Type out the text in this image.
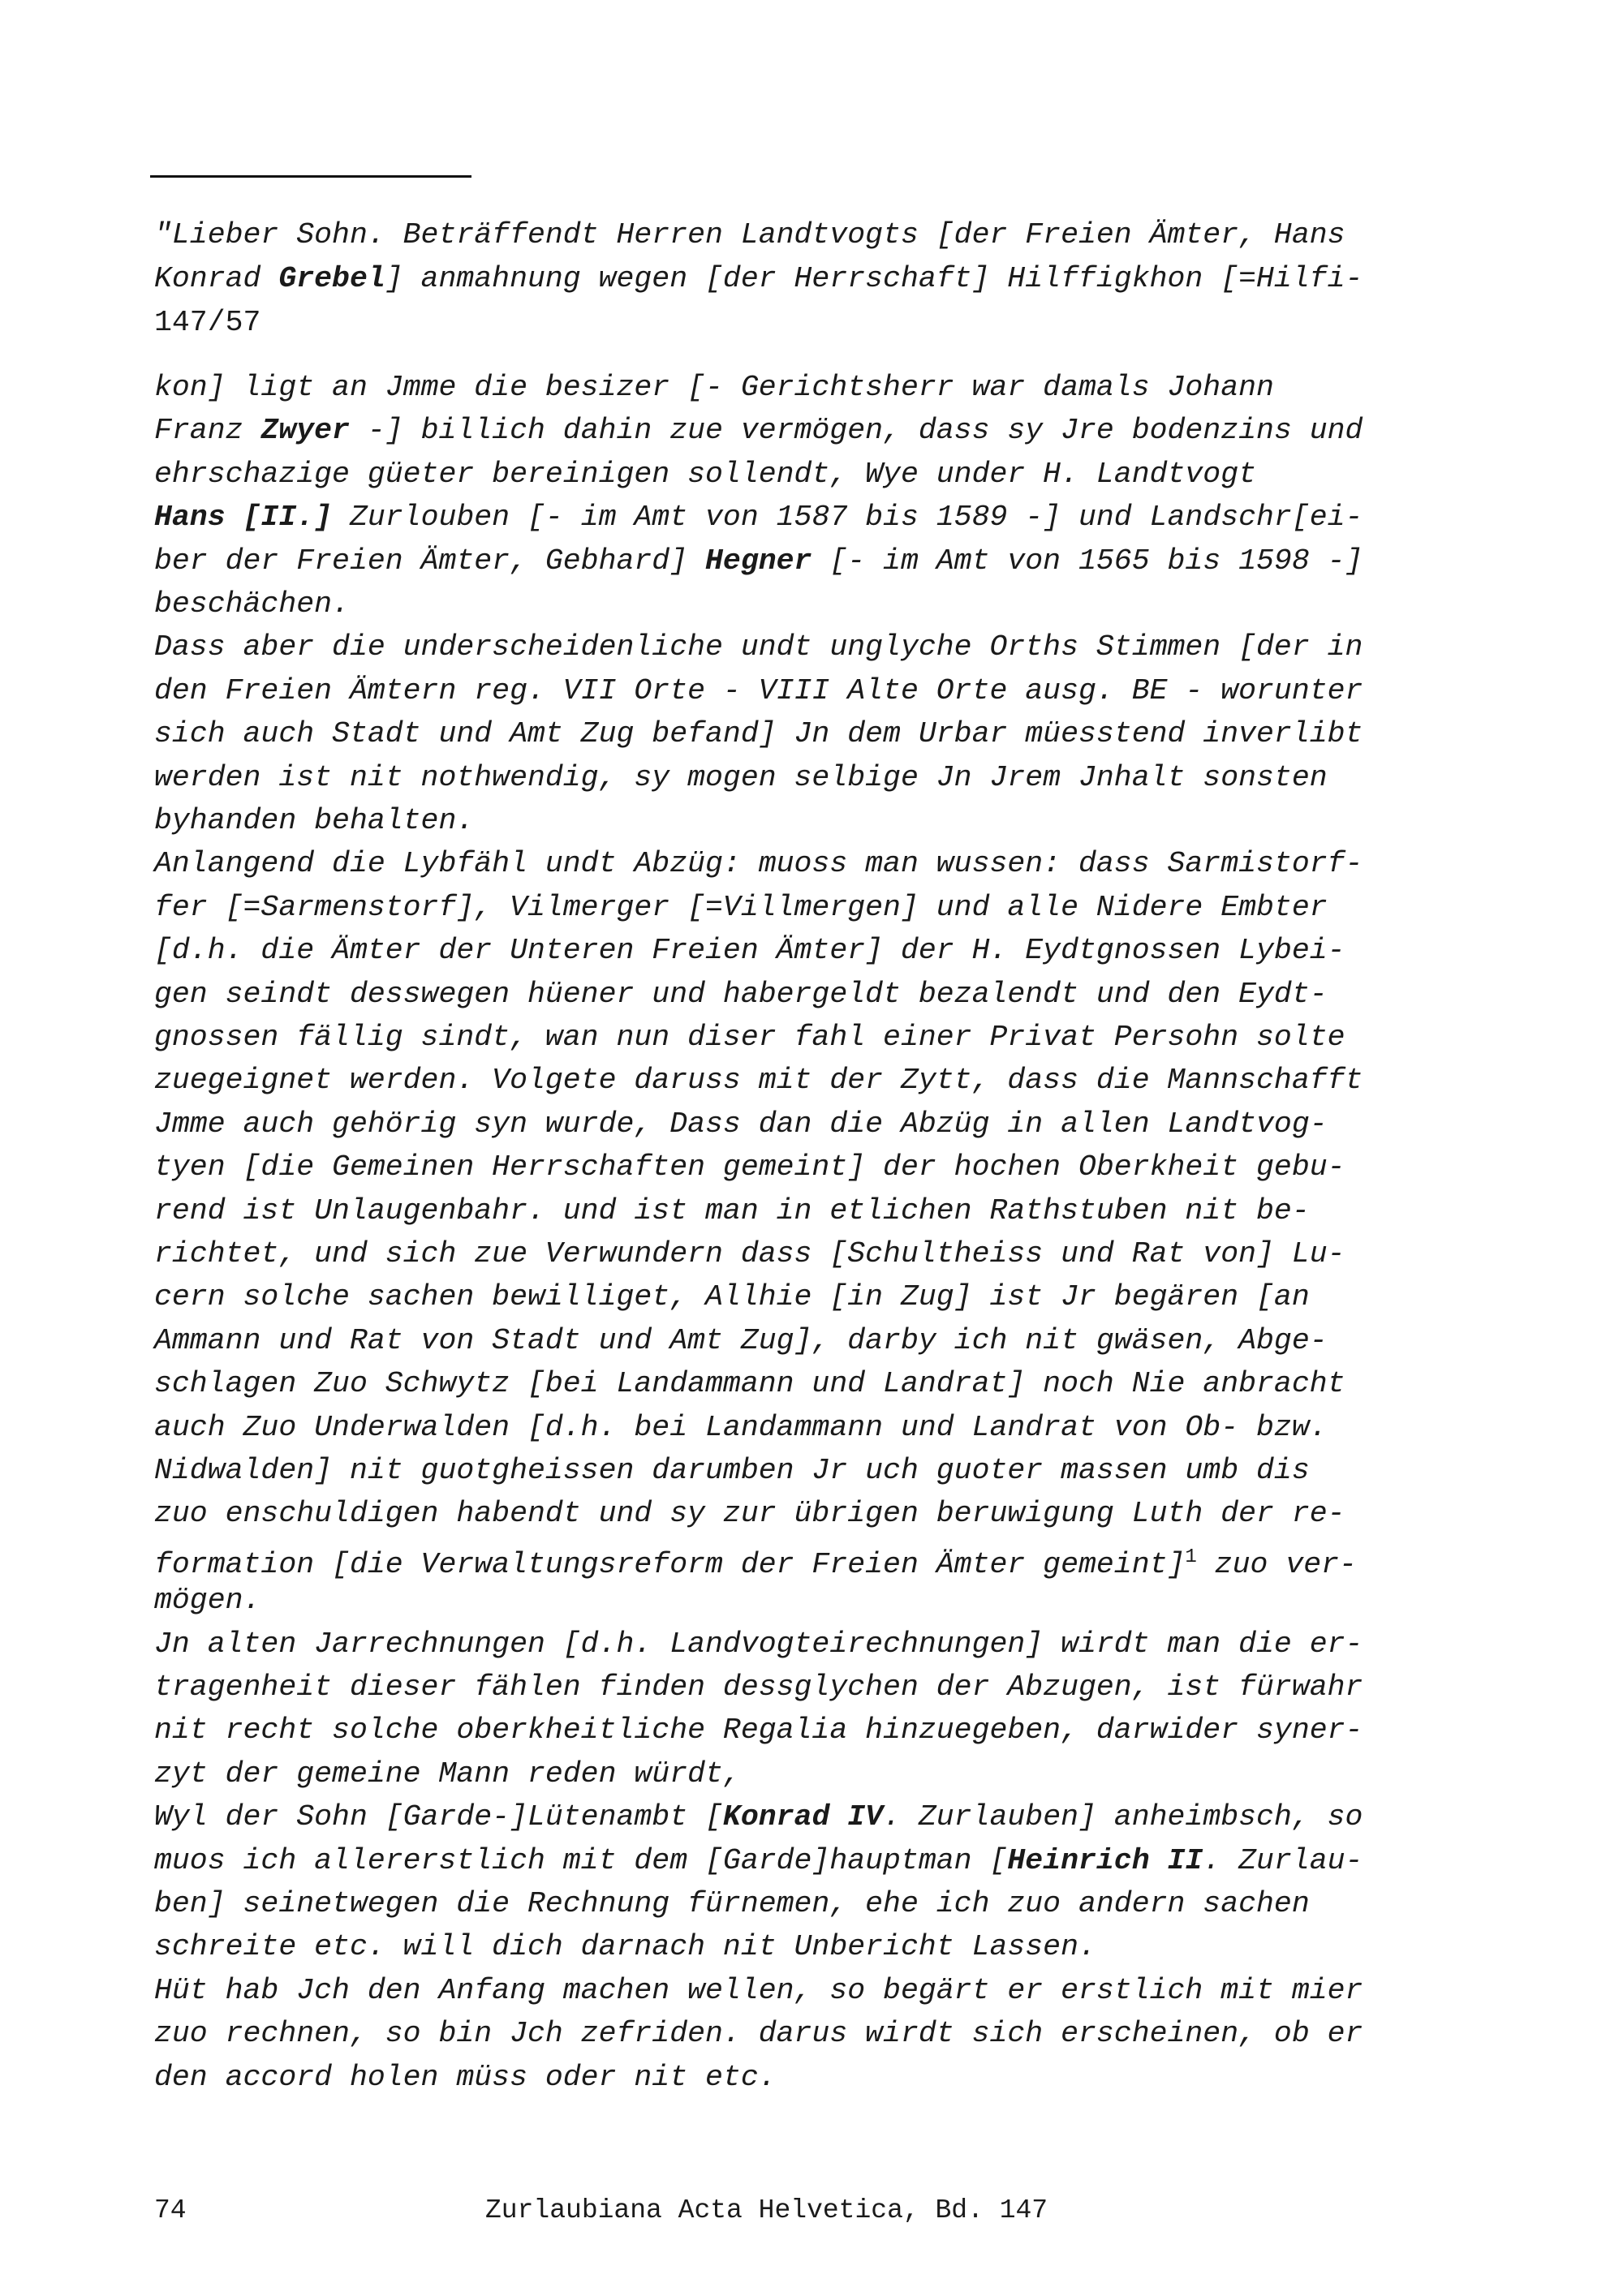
"Lieber Sohn. Beträffendt Herren Landtvogts [der Freien Ämter, Hans
Konrad Grebel] anmahnung wegen [der Herrschaft] Hilffigkhon [=Hilfi-
147/57
kon] ligt an Jmme die besizer [- Gerichtsherr war damals Johann
Franz Zwyer -] billich dahin zue vermögen, dass sy Jre bodenzins und
ehrschazige güeter bereinigen sollendt, Wye under H. Landtvogt
Hans [II.] Zurlouben [- im Amt von 1587 bis 1589 -] und Landschr[ei-
ber der Freien Ämter, Gebhard] Hegner [- im Amt von 1565 bis 1598 -]
beschächen.
Dass aber die underscheidenliche undt unglyche Orths Stimmen [der in
den Freien Ämtern reg. VII Orte - VIII Alte Orte ausg. BE - worunter
sich auch Stadt und Amt Zug befand] Jn dem Urbar müesstend inverlibt
werden ist nit nothwendig, sy mogen selbige Jn Jrem Jnhalt sonsten
byhanden behalten.
Anlangend die Lybfähl undt Abzüg: muoss man wussen: dass Sarmistorf-
fer [=Sarmenstorf], Vilmerger [=Villmergen] und alle Nidere Embter
[d.h. die Ämter der Unteren Freien Ämter] der H. Eydtgnossen Lybei-
gen seindt desswegen hüener und habergeldt bezalendt und den Eydt-
gnossen fällig sindt, wan nun diser fahl einer Privat Persohn solte
zuegeignet werden. Volgete daruss mit der Zytt, dass die Mannschafft
Jmme auch gehörig syn wurde, Dass dan die Abzüg in allen Landtvog-
tyen [die Gemeinen Herrschaften gemeint] der hochen Oberkheit gebu-
rend ist Unlaugenbahr. und ist man in etlichen Rathstuben nit be-
richtet, und sich zue Verwundern dass [Schultheiss und Rat von] Lu-
cern solche sachen bewilliget, Allhie [in Zug] ist Jr begären [an
Ammann und Rat von Stadt und Amt Zug], darby ich nit gwäsen, Abge-
schlagen Zuo Schwytz [bei Landammann und Landrat] noch Nie anbracht
auch Zuo Underwalden [d.h. bei Landammann und Landrat von Ob- bzw.
Nidwalden] nit guotgheissen darumben Jr uch guoter massen umb dis
zuo enschuldigen habendt und sy zur übrigen beruwigung Luth der re-
formation [die Verwaltungsreform der Freien Ämter gemeint]$^1$ zuo ver-
mögen.
Jn alten Jarrechnungen [d.h. Landvogteirechnungen] wirdt man die er-
tragenheit dieser fählen finden dessglychen der Abzugen, ist fürwahr
nit recht solche oberkheitliche Regalia hinzuegeben, darwider syner-
zyt der gemeine Mann reden würdt,
Wyl der Sohn [Garde-]Lütenambt [Konrad IV. Zurlauben] anheimbsch, so
muos ich allererstlich mit dem [Garde]hauptman [Heinrich II. Zurlau-
ben] seinetwegen die Rechnung fürnemen, ehe ich zuo andern sachen
schreite etc. will dich darnach nit Unbericht Lassen.
Hüt hab Jch den Anfang machen wellen, so begärt er erstlich mit mier
zuo rechnen, so bin Jch zefriden. darus wirdt sich erscheinen, ob er
den accord holen müss oder nit etc.
74	Zurlaubiana Acta Helvetica, Bd. 147
